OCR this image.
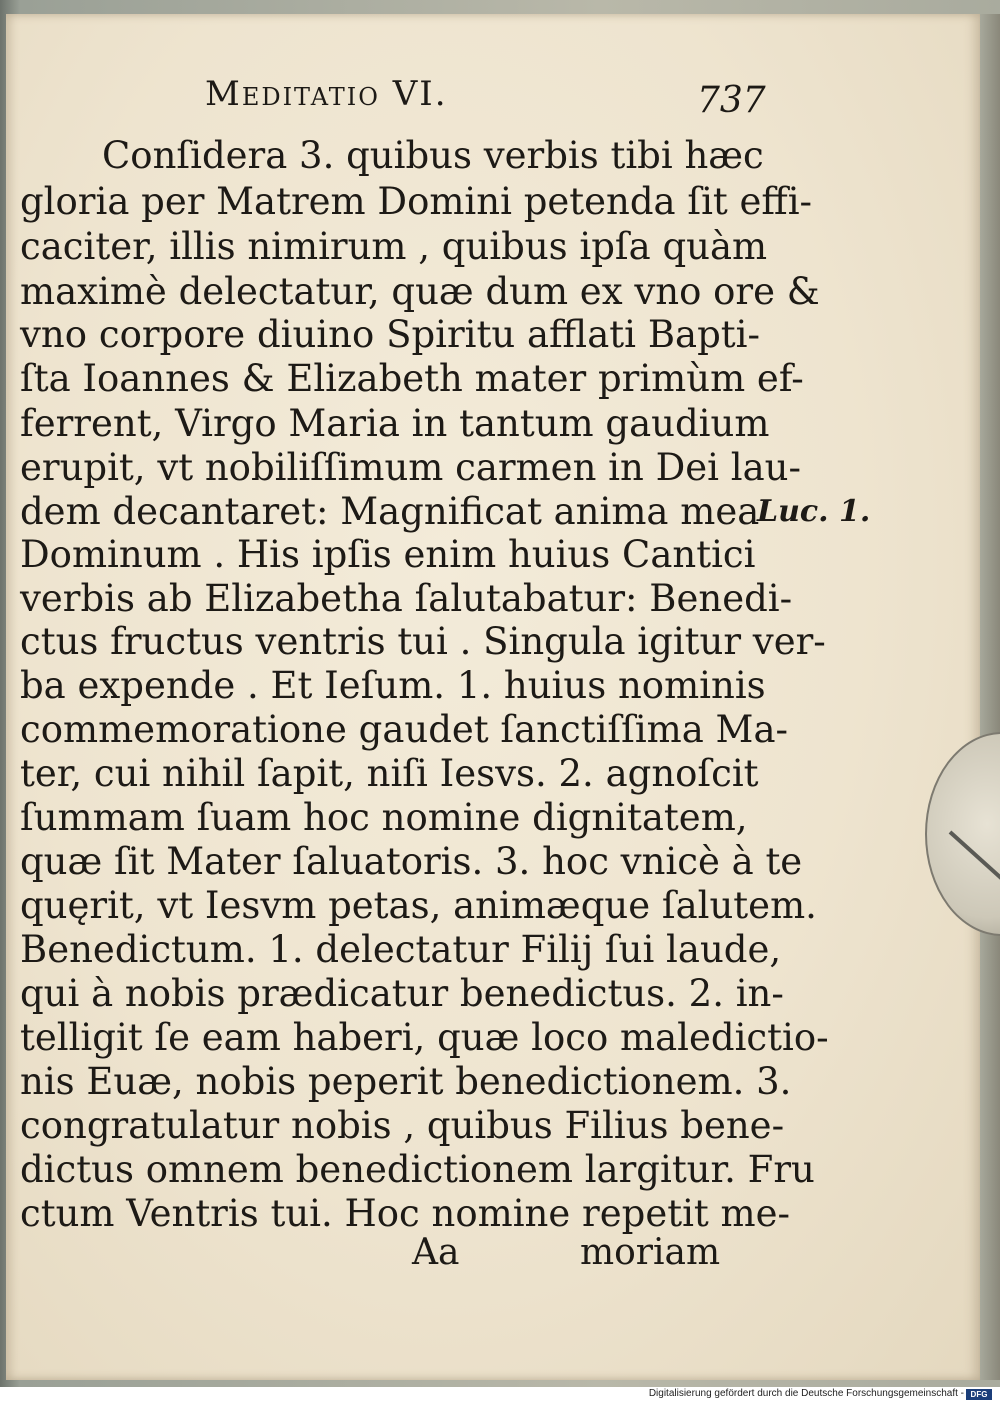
Meditatio VI.	737
Conſidera 3. quibus verbis tibi hæc
gloria per Matrem Domini petenda ſit effi-
caciter, illis nimirum , quibus ipſa quàm
maximè delectatur, quæ dum ex vno ore &
vno corpore diuino Spiritu afflati Bapti-
ſta Ioannes & Elizabeth mater primùm ef-
ferrent, Virgo Maria in tantum gaudium
erupit, vt nobiliſſimum carmen in Dei lau-
dem decantaret: Magnificat anima mea
Dominum . His ipſis enim huius Cantici
verbis ab Elizabetha ſalutabatur: Benedi-
ctus fructus ventris tui . Singula igitur ver-
ba expende . Et Ieſum. 1. huius nominis
commemoratione gaudet ſanctiſſima Ma-
ter, cui nihil ſapit, niſi Iesvs. 2. agnoſcit
ſummam ſuam hoc nomine dignitatem,
quæ ſit Mater ſaluatoris. 3. hoc vnicè à te
quęrit, vt Iesvm petas, animæque ſalutem.
Benedictum. 1. delectatur Filij ſui laude,
qui à nobis prædicatur benedictus. 2. in-
telligit ſe eam haberi, quæ loco maledictio-
nis Euæ, nobis peperit benedictionem. 3.
congratulatur nobis , quibus Filius bene-
dictus omnem benedictionem largitur. Fru
ctum Ventris tui. Hoc nomine repetit me-
Luc. 1.
Aa	moriam
Digitalisierung gefördert durch die Deutsche Forschungsgemeinschaft - DFG
